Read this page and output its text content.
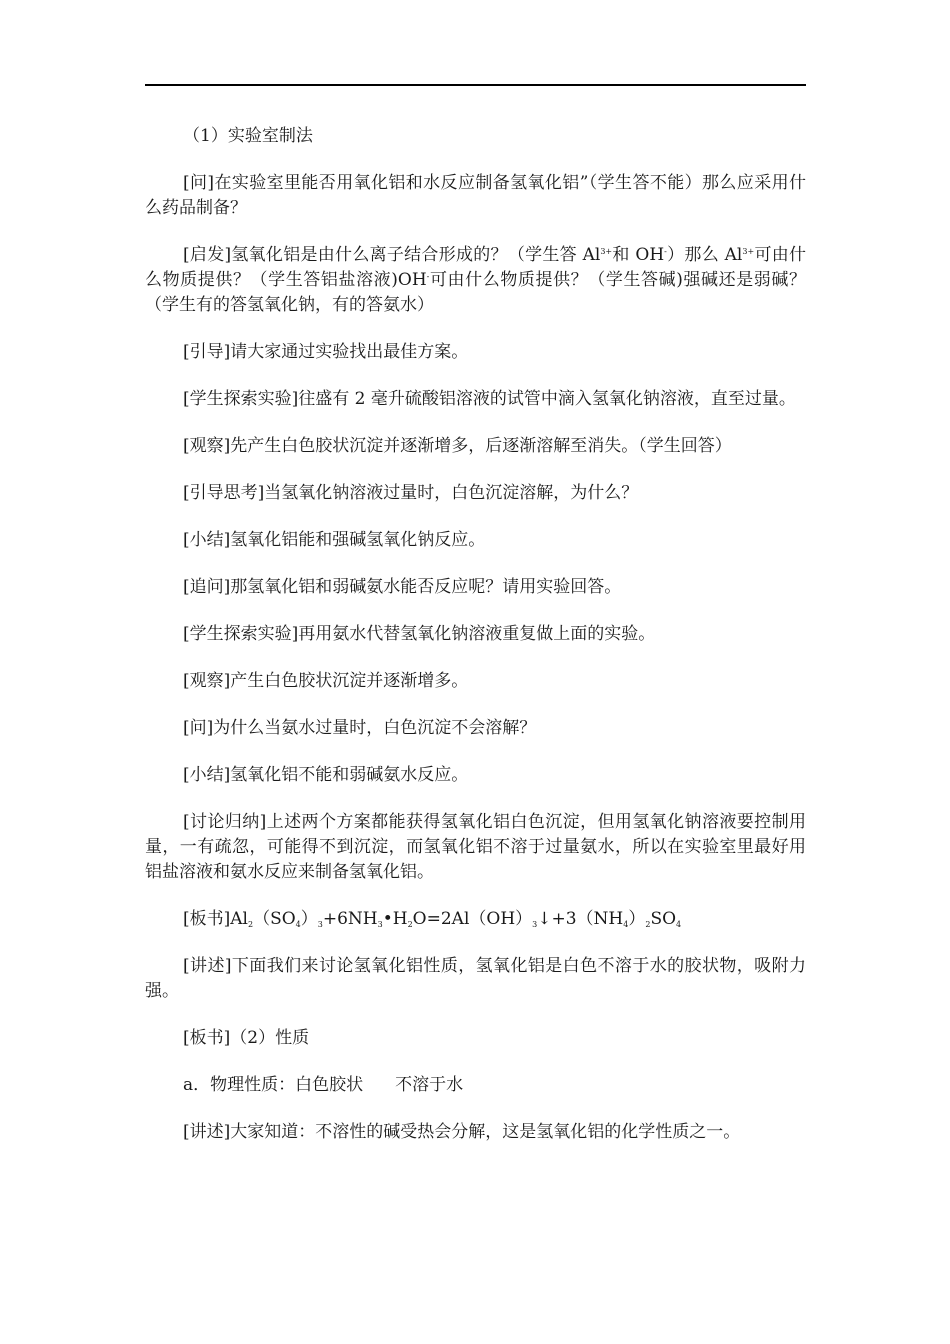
（1）实验室制法

[问]在实验室里能否用氧化铝和水反应制备氢氧化铝”（学生答不能）那么应采用什么药品制备？

[启发]氢氧化铝是由什么离子结合形成的？（学生答 $Al^{3+}$和 OH-）那么 $Al^{3+}$可由什么物质提供？（学生答铝盐溶液)OH-可由什么物质提供？（学生答碱)强碱还是弱碱？（学生有的答氢氧化钠，有的答氨水）

[引导]请大家通过实验找出最佳方案。

[学生探索实验]往盛有 2 毫升硫酸铝溶液的试管中滴入氢氧化钠溶液，直至过量。

[观察]先产生白色胶状沉淀并逐渐增多，后逐渐溶解至消失。（学生回答）

[引导思考]当氢氧化钠溶液过量时，白色沉淀溶解，为什么？

[小结]氢氧化铝能和强碱氢氧化钠反应。

[追问]那氢氧化铝和弱碱氨水能否反应呢？请用实验回答。

[学生探索实验]再用氨水代替氢氧化钠溶液重复做上面的实验。

[观察]产生白色胶状沉淀并逐渐增多。

[问]为什么当氨水过量时，白色沉淀不会溶解？

[小结]氢氧化铝不能和弱碱氨水反应。

[讨论归纳]上述两个方案都能获得氢氧化铝白色沉淀，但用氢氧化钠溶液要控制用量，一有疏忽，可能得不到沉淀，而氢氧化铝不溶于过量氨水，所以在实验室里最好用铝盐溶液和氨水反应来制备氢氧化铝。

[板书]$Al_2(SO_4)_3+6NH_3•H_2O=2Al(OH)_3↓+3(NH_4)_2SO_4$

[讲述]下面我们来讨论氢氧化铝性质，氢氧化铝是白色不溶于水的胶状物，吸附力强。

[板书]（2）性质

a．物理性质：白色胶状 不溶于水

[讲述]大家知道：不溶性的碱受热会分解，这是氢氧化铝的化学性质之一。
